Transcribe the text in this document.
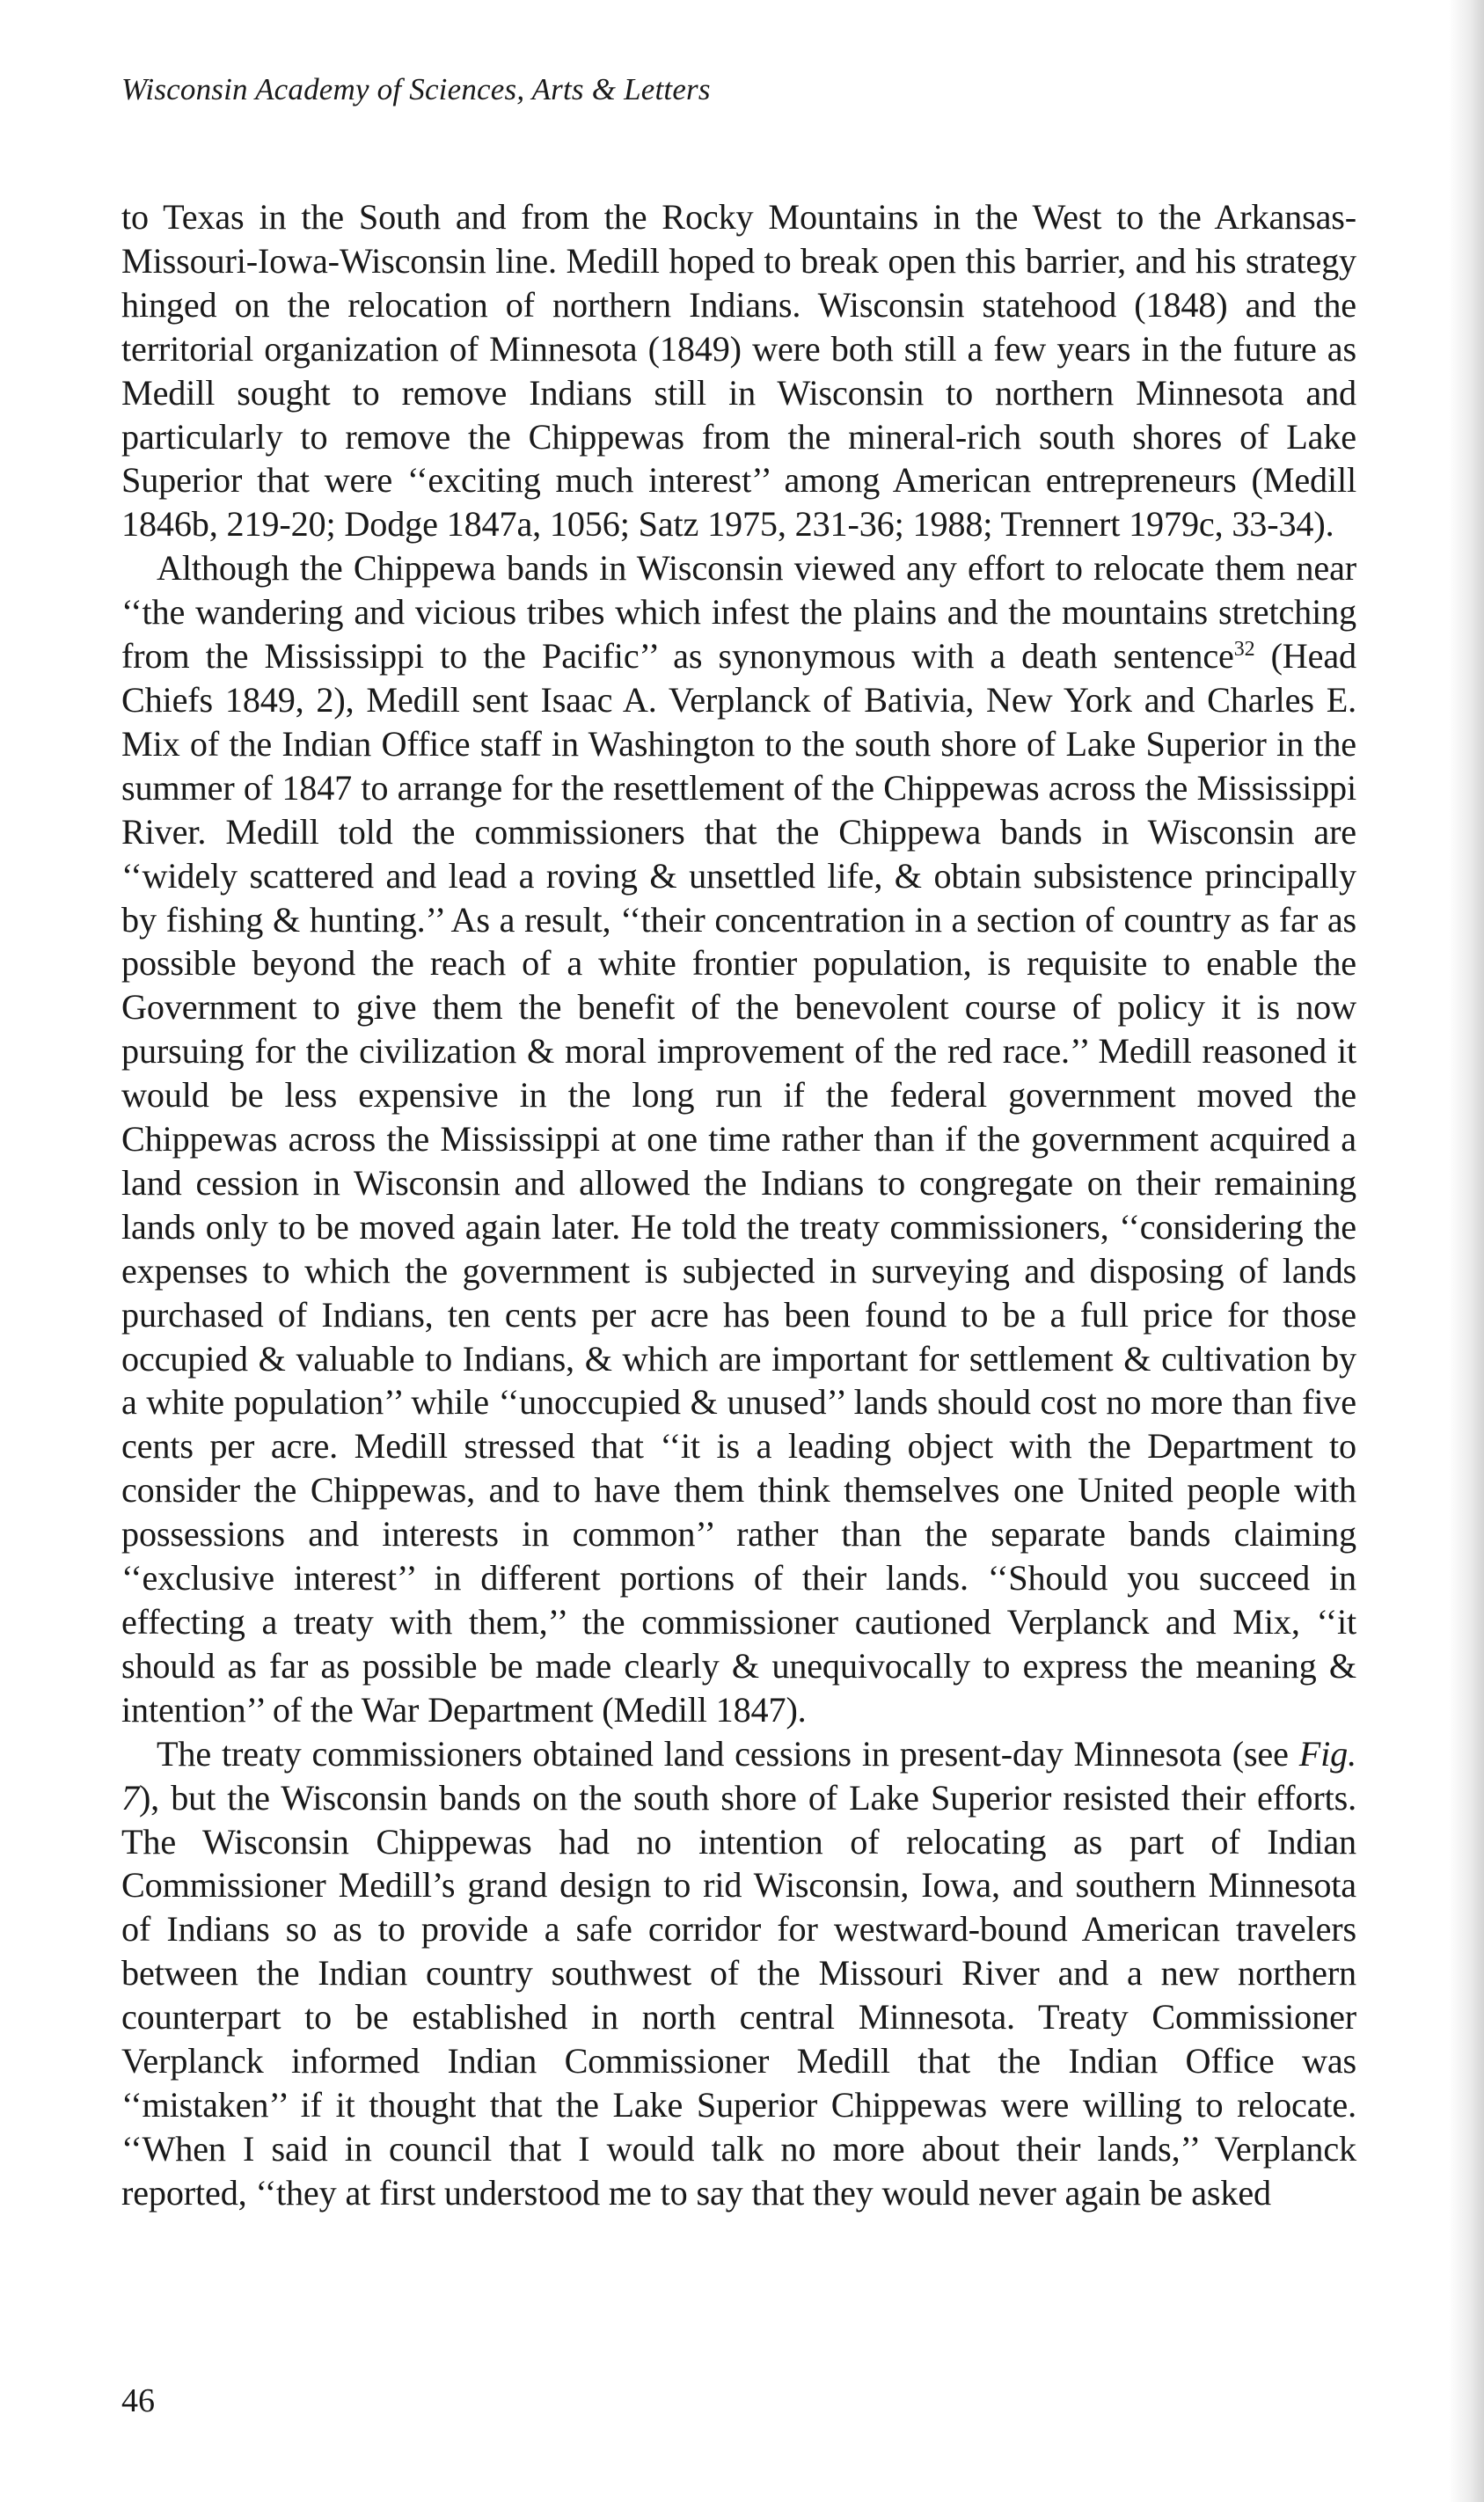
Wisconsin Academy of Sciences, Arts & Letters

to Texas in the South and from the Rocky Mountains in the West to the Arkansas-Missouri-Iowa-Wisconsin line. Medill hoped to break open this barrier, and his strategy hinged on the relocation of northern Indians. Wisconsin statehood (1848) and the territorial organization of Minnesota (1849) were both still a few years in the future as Medill sought to remove Indians still in Wisconsin to northern Minnesota and particularly to remove the Chippewas from the mineral-rich south shores of Lake Superior that were ‘‘exciting much interest’’ among American entrepreneurs (Medill 1846b, 219-20; Dodge 1847a, 1056; Satz 1975, 231-36; 1988; Trennert 1979c, 33-34).

Although the Chippewa bands in Wisconsin viewed any effort to relocate them near ‘‘the wandering and vicious tribes which infest the plains and the mountains stretching from the Mississippi to the Pacific’’ as synonymous with a death sentence$^{32}$ (Head Chiefs 1849, 2), Medill sent Isaac A. Verplanck of Bativia, New York and Charles E. Mix of the Indian Office staff in Washington to the south shore of Lake Superior in the summer of 1847 to arrange for the resettlement of the Chippewas across the Mississippi River. Medill told the commissioners that the Chippewa bands in Wisconsin are ‘‘widely scattered and lead a roving & unsettled life, & obtain subsistence principally by fishing & hunting.’’ As a result, ‘‘their concentration in a section of country as far as possible beyond the reach of a white frontier population, is requisite to enable the Government to give them the benefit of the benevolent course of policy it is now pursuing for the civilization & moral improvement of the red race.’’ Medill reasoned it would be less expensive in the long run if the federal government moved the Chippewas across the Mississippi at one time rather than if the government acquired a land cession in Wisconsin and allowed the Indians to congregate on their remaining lands only to be moved again later. He told the treaty commissioners, ‘‘considering the expenses to which the government is subjected in surveying and disposing of lands purchased of Indians, ten cents per acre has been found to be a full price for those occupied & valuable to Indians, & which are important for settlement & cultivation by a white population’’ while ‘‘unoccupied & unused’’ lands should cost no more than five cents per acre. Medill stressed that ‘‘it is a leading object with the Department to consider the Chippewas, and to have them think themselves one United people with possessions and interests in common’’ rather than the separate bands claiming ‘‘exclusive interest’’ in different portions of their lands. ‘‘Should you succeed in effecting a treaty with them,’’ the commissioner cautioned Verplanck and Mix, ‘‘it should as far as possible be made clearly & unequivocally to express the meaning & intention’’ of the War Department (Medill 1847).

The treaty commissioners obtained land cessions in present-day Minnesota (see Fig. 7), but the Wisconsin bands on the south shore of Lake Superior resisted their efforts. The Wisconsin Chippewas had no intention of relocating as part of Indian Commissioner Medill’s grand design to rid Wisconsin, Iowa, and southern Minnesota of Indians so as to provide a safe corridor for westward-bound American travelers between the Indian country southwest of the Missouri River and a new northern counterpart to be established in north central Minnesota. Treaty Commissioner Verplanck informed Indian Commissioner Medill that the Indian Office was ‘‘mistaken’’ if it thought that the Lake Superior Chippewas were willing to relocate. ‘‘When I said in council that I would talk no more about their lands,’’ Verplanck reported, ‘‘they at first understood me to say that they would never again be asked

46
